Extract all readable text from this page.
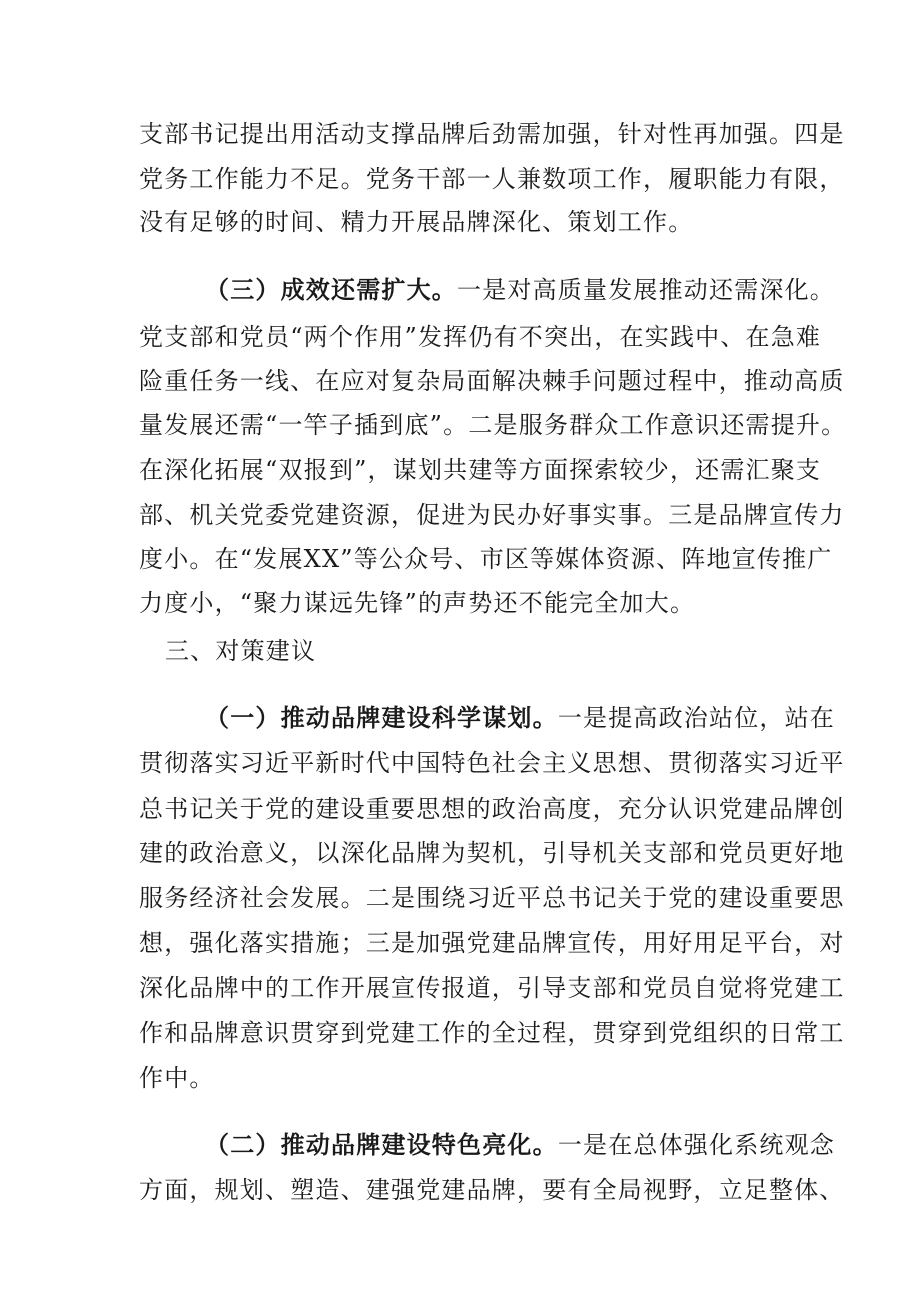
支部书记提出用活动支撑品牌后劲需加强，针对性再加强。四是
党务工作能力不足。党务干部一人兼数项工作，履职能力有限，
没有足够的时间、精力开展品牌深化、策划工作。
（三）成效还需扩大。一是对高质量发展推动还需深化。
党支部和党员“两个作用”发挥仍有不突出，在实践中、在急难
险重任务一线、在应对复杂局面解决棘手问题过程中，推动高质
量发展还需“一竿子插到底”。二是服务群众工作意识还需提升。
在深化拓展“双报到”，谋划共建等方面探索较少，还需汇聚支
部、机关党委党建资源，促进为民办好事实事。三是品牌宣传力
度小。在“发展XX”等公众号、市区等媒体资源、阵地宣传推广
力度小，“聚力谋远先锋”的声势还不能完全加大。
三、对策建议
（一）推动品牌建设科学谋划。一是提高政治站位，站在
贯彻落实习近平新时代中国特色社会主义思想、贯彻落实习近平
总书记关于党的建设重要思想的政治高度，充分认识党建品牌创
建的政治意义，以深化品牌为契机，引导机关支部和党员更好地
服务经济社会发展。二是围绕习近平总书记关于党的建设重要思
想，强化落实措施；三是加强党建品牌宣传，用好用足平台，对
深化品牌中的工作开展宣传报道，引导支部和党员自觉将党建工
作和品牌意识贯穿到党建工作的全过程，贯穿到党组织的日常工
作中。
（二）推动品牌建设特色亮化。一是在总体强化系统观念
方面，规划、塑造、建强党建品牌，要有全局视野，立足整体、
